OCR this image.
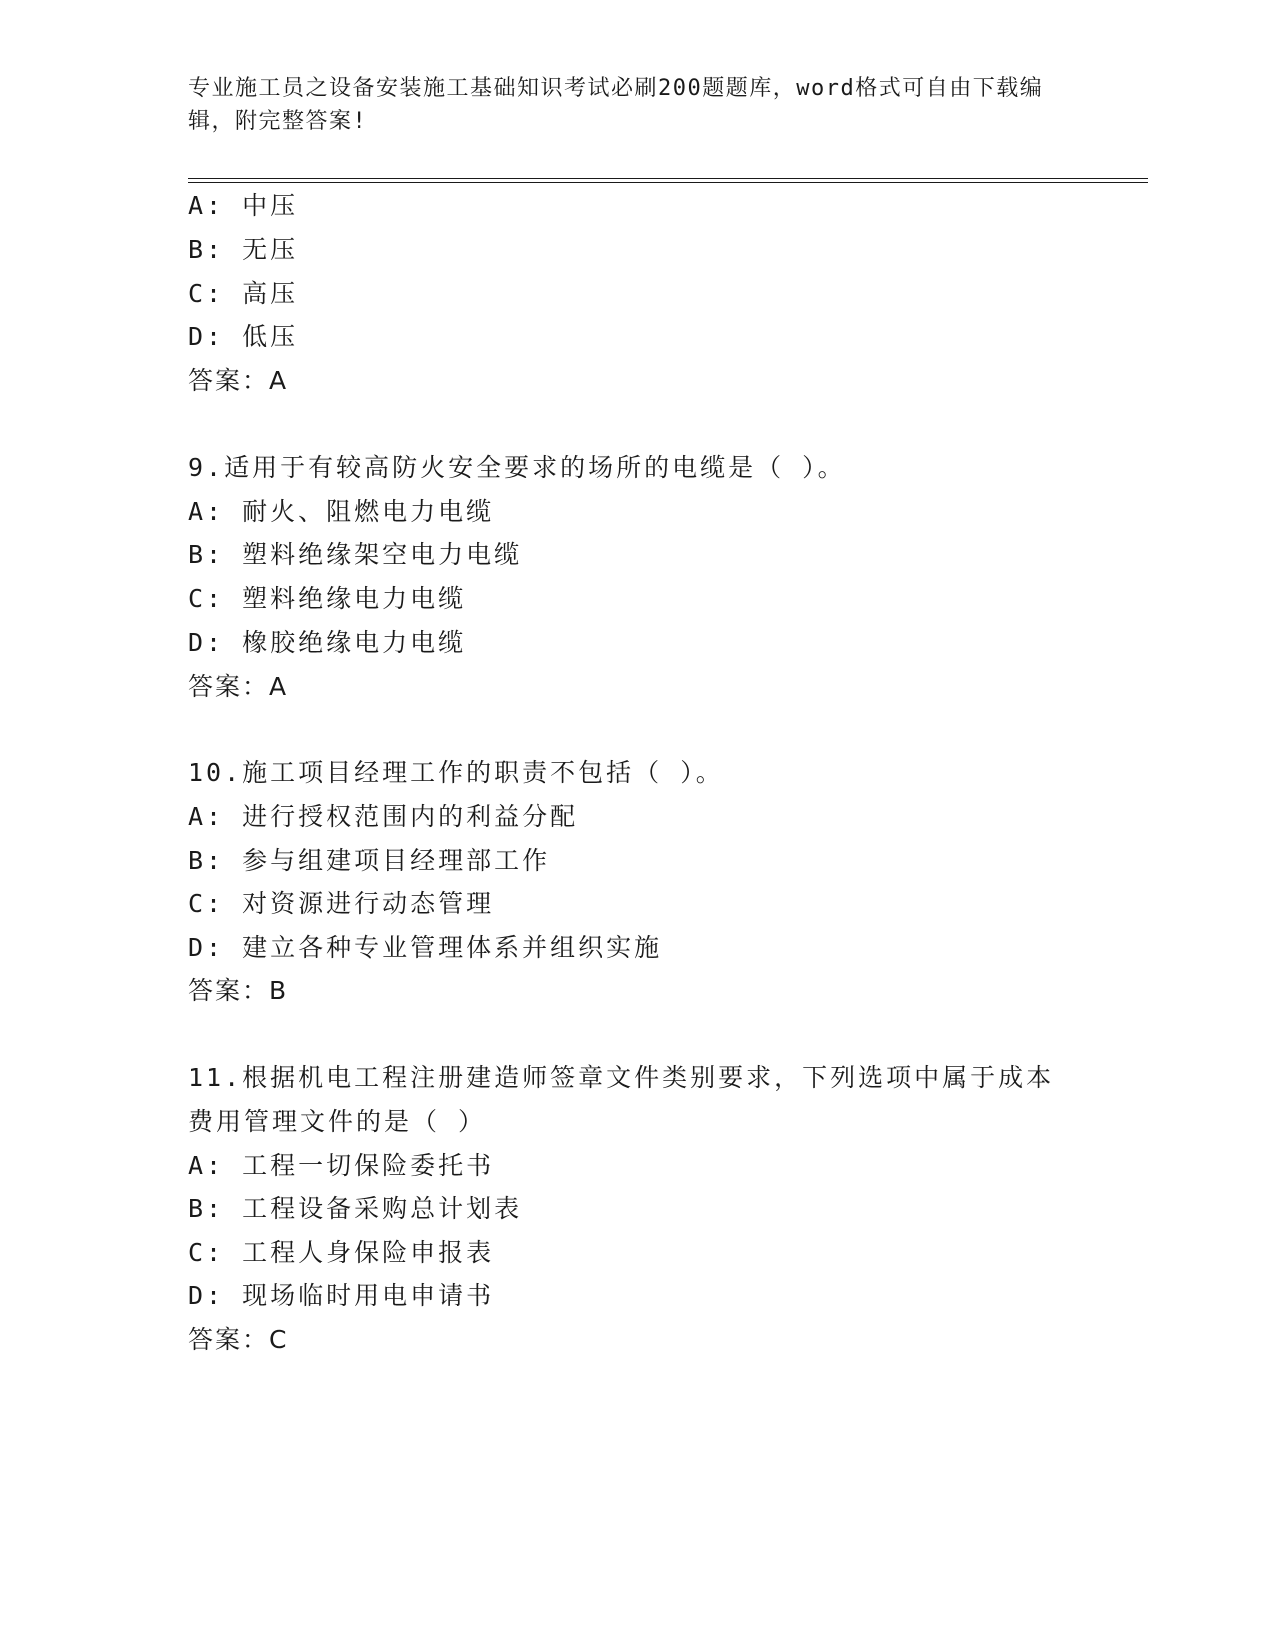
专业施工员之设备安装施工基础知识考试必刷200题题库，word格式可自由下载编辑，附完整答案!
A: 中压
B: 无压
C: 高压
D: 低压
答案：A
9.适用于有较高防火安全要求的场所的电缆是（ ）。
A: 耐火、阻燃电力电缆
B: 塑料绝缘架空电力电缆
C: 塑料绝缘电力电缆
D: 橡胶绝缘电力电缆
答案：A
10.施工项目经理工作的职责不包括（ ）。
A: 进行授权范围内的利益分配
B: 参与组建项目经理部工作
C: 对资源进行动态管理
D: 建立各种专业管理体系并组织实施
答案：B
11.根据机电工程注册建造师签章文件类别要求，下列选项中属于成本
费用管理文件的是（ ）
A: 工程一切保险委托书
B: 工程设备采购总计划表
C: 工程人身保险申报表
D: 现场临时用电申请书
答案：C
